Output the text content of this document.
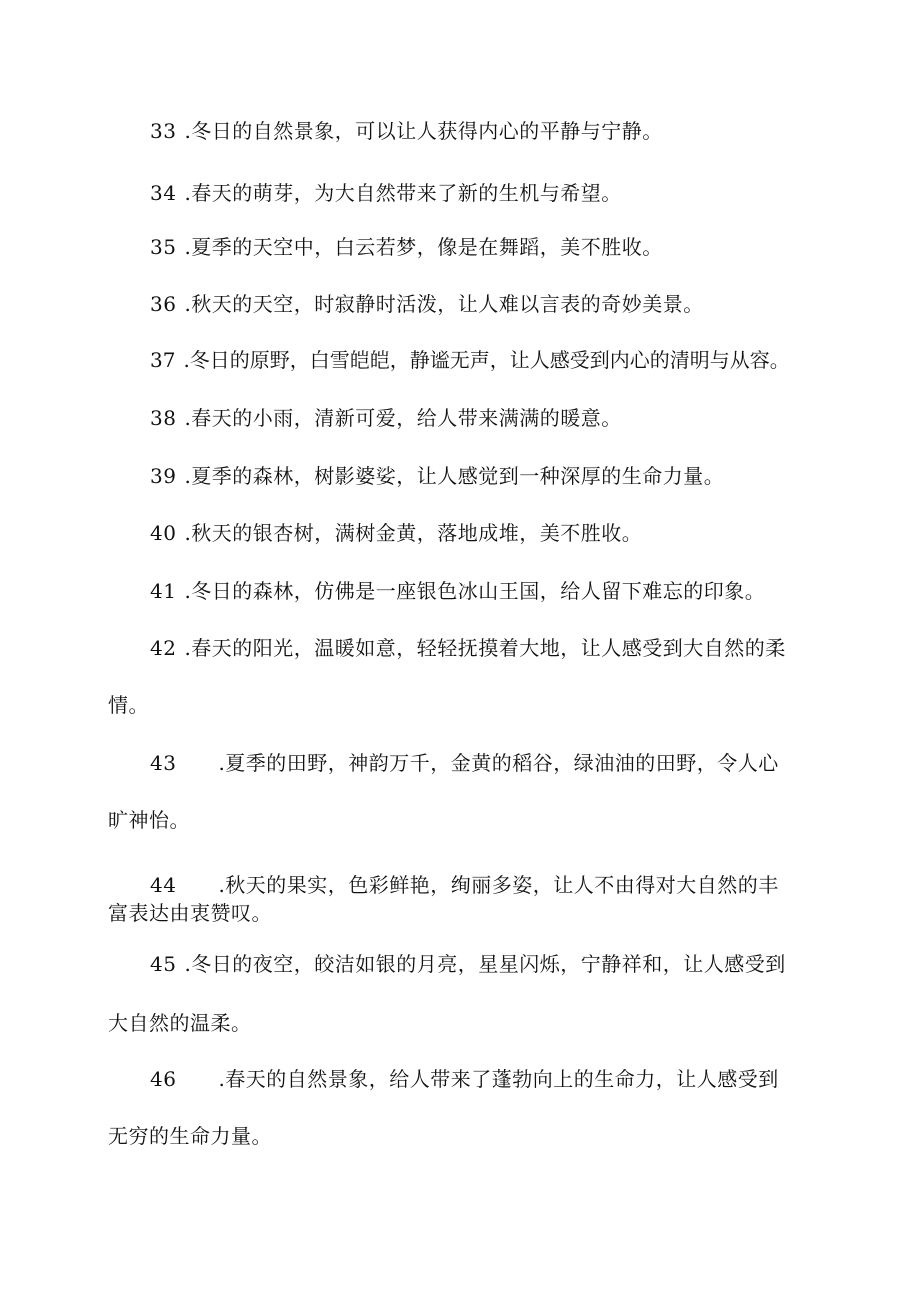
33 .冬日的自然景象，可以让人获得内心的平静与宁静。
34 .春天的萌芽，为大自然带来了新的生机与希望。
35 .夏季的天空中，白云若梦，像是在舞蹈，美不胜收。
36 .秋天的天空，时寂静时活泼，让人难以言表的奇妙美景。
37 .冬日的原野，白雪皑皑，静谧无声，让人感受到内心的清明与从容。
38 .春天的小雨，清新可爱，给人带来满满的暖意。
39 .夏季的森林，树影婆娑，让人感觉到一种深厚的生命力量。
40 .秋天的银杏树，满树金黄，落地成堆，美不胜收。
41 .冬日的森林，仿佛是一座银色冰山王国，给人留下难忘的印象。
42 .春天的阳光，温暖如意，轻轻抚摸着大地，让人感受到大自然的柔
情。
43 .夏季的田野，神韵万千，金黄的稻谷，绿油油的田野，令人心
旷神怡。
44 .秋天的果实，色彩鲜艳，绚丽多姿，让人不由得对大自然的丰
富表达由衷赞叹。
45 .冬日的夜空，皎洁如银的月亮，星星闪烁，宁静祥和，让人感受到
大自然的温柔。
46 .春天的自然景象，给人带来了蓬勃向上的生命力，让人感受到
无穷的生命力量。
